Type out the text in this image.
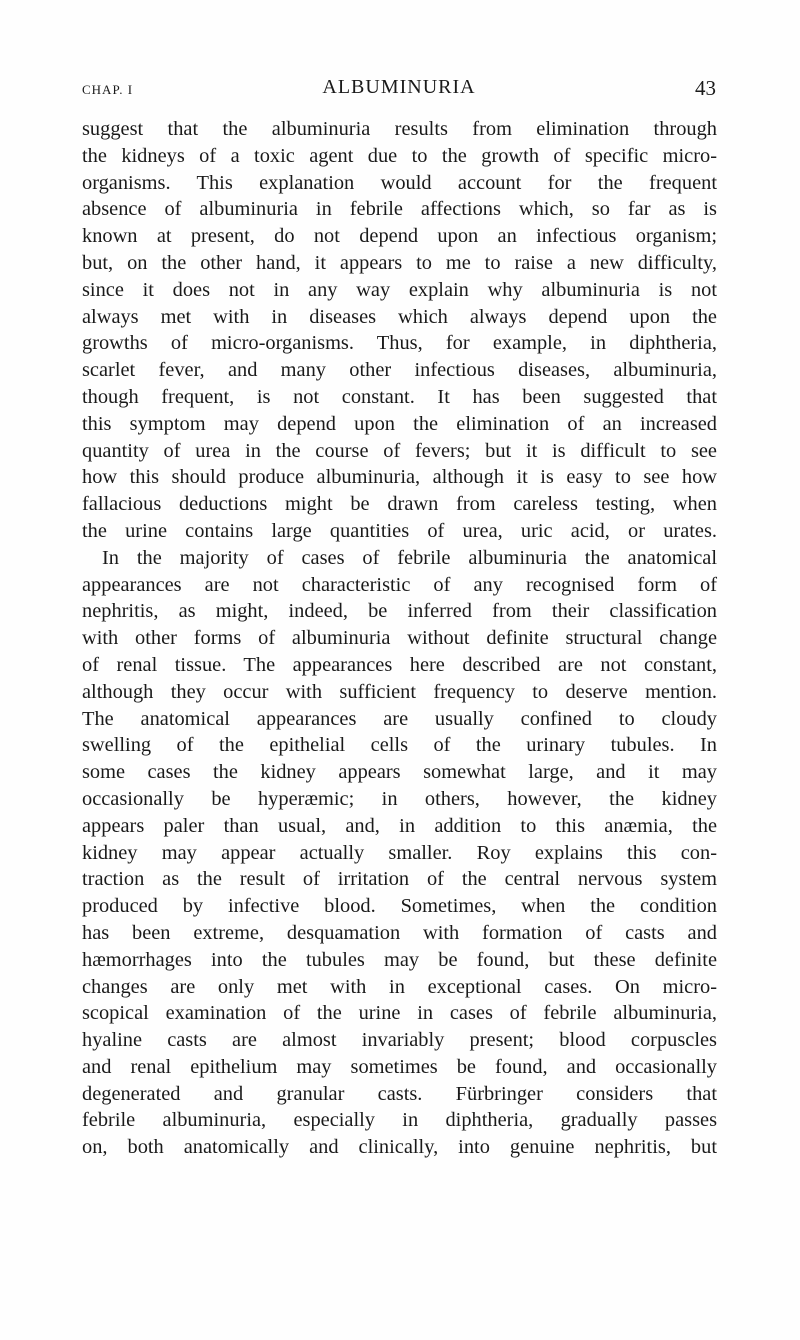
CHAP. I	ALBUMINURIA	43
suggest that the albuminuria results from elimination through
the kidneys of a toxic agent due to the growth of specific micro-
organisms. This explanation would account for the frequent
absence of albuminuria in febrile affections which, so far as is
known at present, do not depend upon an infectious organism;
but, on the other hand, it appears to me to raise a new difficulty,
since it does not in any way explain why albuminuria is not
always met with in diseases which always depend upon the
growths of micro-organisms. Thus, for example, in diphtheria,
scarlet fever, and many other infectious diseases, albuminuria,
though frequent, is not constant. It has been suggested that
this symptom may depend upon the elimination of an increased
quantity of urea in the course of fevers; but it is difficult to see
how this should produce albuminuria, although it is easy to see how
fallacious deductions might be drawn from careless testing, when
the urine contains large quantities of urea, uric acid, or urates.
In the majority of cases of febrile albuminuria the anatomical
appearances are not characteristic of any recognised form of
nephritis, as might, indeed, be inferred from their classification
with other forms of albuminuria without definite structural change
of renal tissue. The appearances here described are not constant,
although they occur with sufficient frequency to deserve mention.
The anatomical appearances are usually confined to cloudy
swelling of the epithelial cells of the urinary tubules. In
some cases the kidney appears somewhat large, and it may
occasionally be hyperæmic; in others, however, the kidney
appears paler than usual, and, in addition to this anæmia, the
kidney may appear actually smaller. Roy explains this con-
traction as the result of irritation of the central nervous system
produced by infective blood. Sometimes, when the condition
has been extreme, desquamation with formation of casts and
hæmorrhages into the tubules may be found, but these definite
changes are only met with in exceptional cases. On micro-
scopical examination of the urine in cases of febrile albuminuria,
hyaline casts are almost invariably present; blood corpuscles
and renal epithelium may sometimes be found, and occasionally
degenerated and granular casts. Fürbringer considers that
febrile albuminuria, especially in diphtheria, gradually passes
on, both anatomically and clinically, into genuine nephritis, but
